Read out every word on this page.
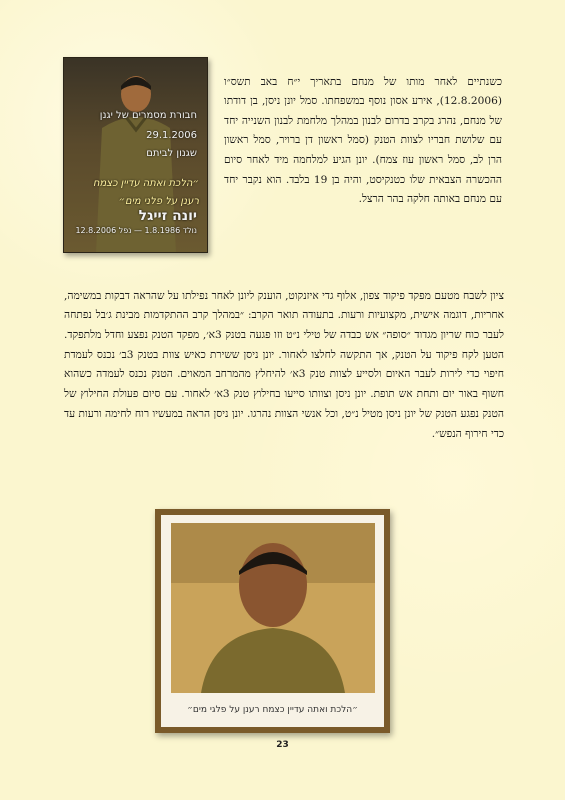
חבורת מסמרים של יגנן
29.1.2006
שגנון לביתם
יונה זייגל
נולד 1.8.1986 — נפל 12.8.2006
״הלכת ואתה עדיין כצמח
רענן על פלני מים״

כשנתיים לאחר מותו של מנחם בתאריך י״ח באב תשס״ו (12.8.2006), אירע אסון נוסף במשפחתו. סמל יונן ניסן, בן דודתו של מנחם, נהרג בקרב בדרום לבנון במהלך מלחמת לבנון השנייה יחד עם שלושת חבריו לצוות הטנק (סמל ראשון דן ברויר, סמל ראשון הרן לב, סמל ראשון עוז צמח). יונן הגיע למלחמה מיד לאחר סיום ההכשרה הצבאית שלו כטנקיסט, והיה בן 19 בלבד. הוא נקבר יחד עם מנחם באותה חלקה בהר הרצל.

ציון לשבח מטעם מפקד פיקוד צפון, אלוף גדי איזנקוט, הוענק ליונן לאחר נפילתו על שהראה דבקות במשימה, אחריות, דוגמה אישית, מקצועיות ורעות. בתעודה תואר הקרב: ״במהלך קרב ההתקדמות מבינת ג׳בל נפתחה לעבר כוח שריון מגדוד ״סופה״ אש כבדה של טילי נ״ט וזו פגעה בטנק 3א׳, מפקד הטנק נפצע וחדל מלתפקד. הטען לקח פיקוד על הטנק, אך התקשה לחלצו לאחור. יונן ניסן ששירת כאיש צוות בטנק 3ב׳ נכנס לעמדת חיפוי כדי לירות לעבר האיום ולסייע לצוות טנק 3א׳ להיחלץ מהמרחב המאוים. הטנק נכנס לעמדה כשהוא חשוף באור יום ותחת אש תופת. יונן ניסן וצוותו סייעו בחילוץ טנק 3א׳ לאחור. עם סיום פעולת החילוץ של הטנק נפגע הטנק של יונן ניסן מטיל נ״ט, וכל אנשי הצוות נהרגו. יונן ניסן הראה במעשיו רוח לחימה ורעות עד כדי חירוף הנפש״.

״הלכת ואתה עדיין כצמח רענן על פלגי מים״
23
